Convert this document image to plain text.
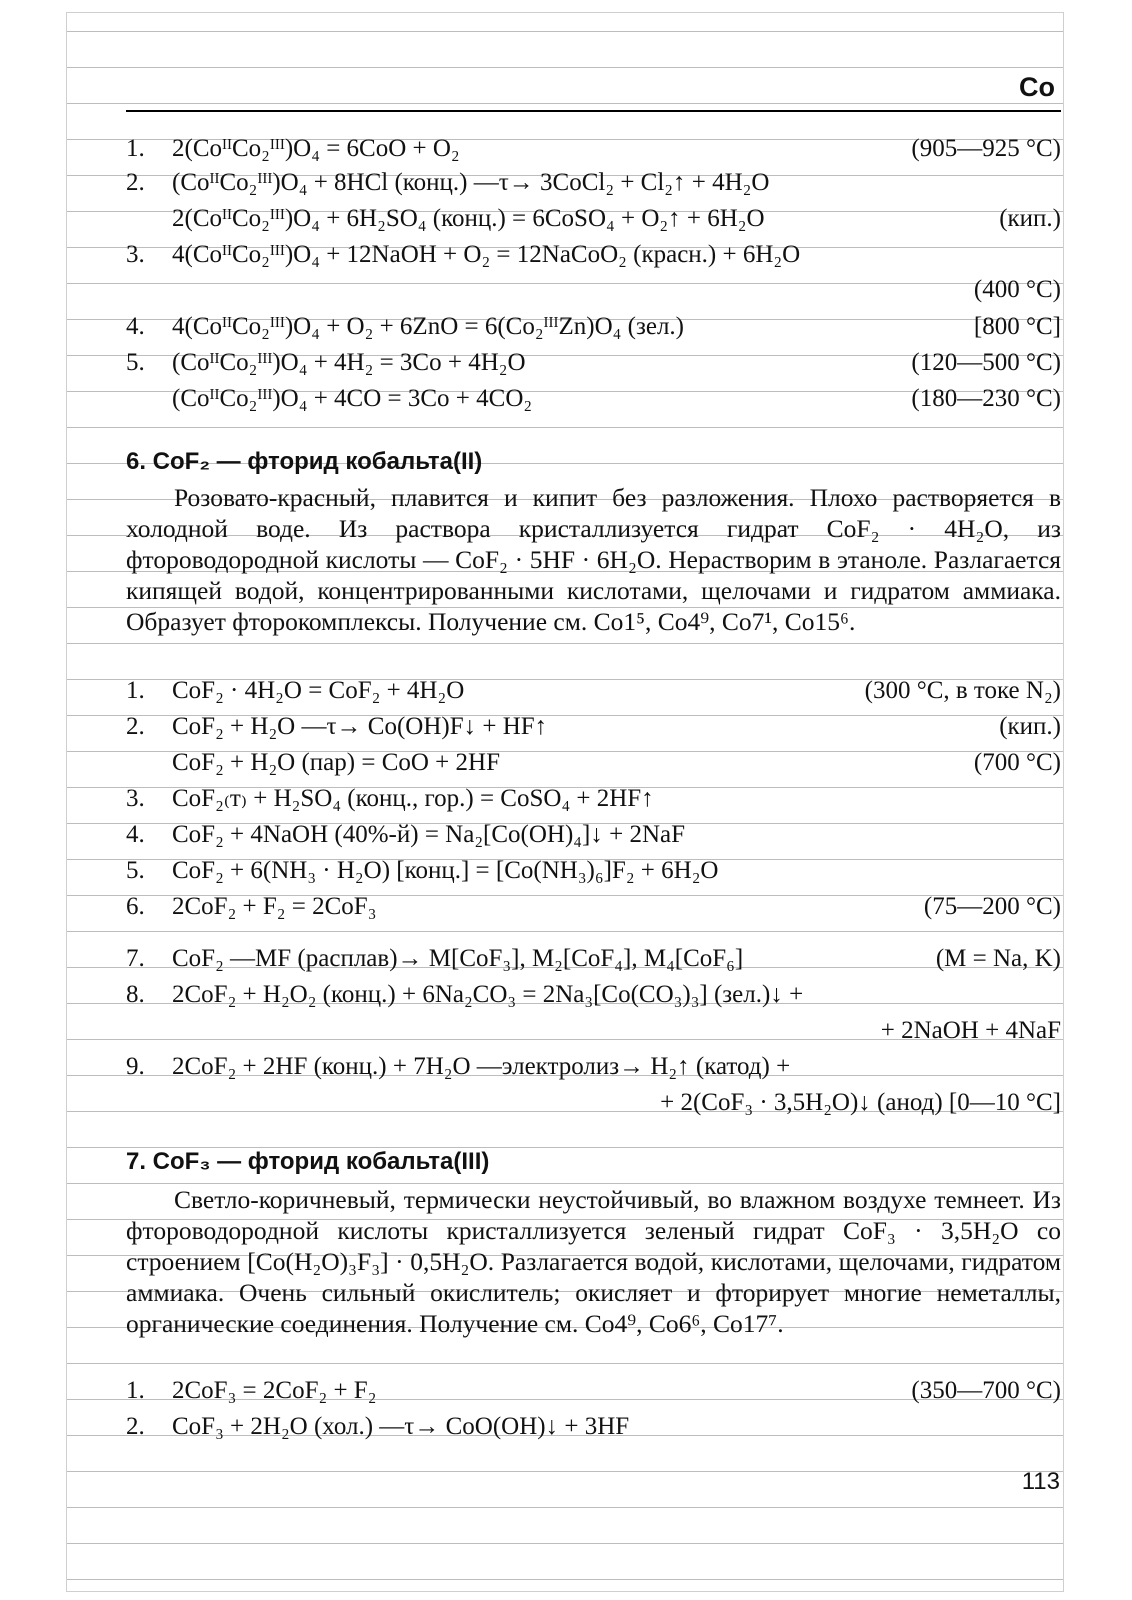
Co
1. 2(CoᴵᴵCo₂ᴵᴵᴵ)O₄ = 6CoO + O₂	(905—925 °C)
2. (CoᴵᴵCo₂ᴵᴵᴵ)O₄ + 8HCl (конц.) —τ→ 3CoCl₂ + Cl₂↑ + 4H₂O
2(CoᴵᴵCo₂ᴵᴵᴵ)O₄ + 6H₂SO₄ (конц.) = 6CoSO₄ + O₂↑ + 6H₂O	(кип.)
3. 4(CoᴵᴵCo₂ᴵᴵᴵ)O₄ + 12NaOH + O₂ = 12NaCoO₂ (красн.) + 6H₂O
(400 °C)
4. 4(CoᴵᴵCo₂ᴵᴵᴵ)O₄ + O₂ + 6ZnO = 6(Co₂ᴵᴵᴵZn)O₄ (зел.)	[800 °C]
5. (CoᴵᴵCo₂ᴵᴵᴵ)O₄ + 4H₂ = 3Co + 4H₂O	(120—500 °C)
(CoᴵᴵCo₂ᴵᴵᴵ)O₄ + 4CO = 3Co + 4CO₂	(180—230 °C)
6. CoF₂ — фторид кобальта(II)
Розовато-красный, плавится и кипит без разложения. Плохо растворяется в холодной воде. Из раствора кристаллизуется гидрат CoF₂ · 4H₂O, из фтороводородной кислоты — CoF₂ · 5HF · 6H₂O. Нерастворим в этаноле. Разлагается кипящей водой, концентрированными кислотами, щелочами и гидратом аммиака. Образует фторокомплексы. Получение см. Co1⁵, Co4⁹, Co7¹, Co15⁶.
1. CoF₂ · 4H₂O = CoF₂ + 4H₂O	(300 °C, в токе N₂)
2. CoF₂ + H₂O —τ→ Co(OH)F↓ + HF↑	(кип.)
CoF₂ + H₂O (пар) = CoO + 2HF	(700 °C)
3. CoF₂₍т₎ + H₂SO₄ (конц., гор.) = CoSO₄ + 2HF↑
4. CoF₂ + 4NaOH (40%-й) = Na₂[Co(OH)₄]↓ + 2NaF
5. CoF₂ + 6(NH₃ · H₂O) [конц.] = [Co(NH₃)₆]F₂ + 6H₂O
6. 2CoF₂ + F₂ = 2CoF₃	(75—200 °C)
7. CoF₂ —MF (расплав)→ M[CoF₃], M₂[CoF₄], M₄[CoF₆]	(M = Na, K)
8. 2CoF₂ + H₂O₂ (конц.) + 6Na₂CO₃ = 2Na₃[Co(CO₃)₃] (зел.)↓ +
+ 2NaOH + 4NaF
9. 2CoF₂ + 2HF (конц.) + 7H₂O —электролиз→ H₂↑ (катод) +
+ 2(CoF₃ · 3,5H₂O)↓ (анод) [0—10 °C]
7. CoF₃ — фторид кобальта(III)
Светло-коричневый, термически неустойчивый, во влажном воздухе темнеет. Из фтороводородной кислоты кристаллизуется зеленый гидрат CoF₃ · 3,5H₂O со строением [Co(H₂O)₃F₃] · 0,5H₂O. Разлагается водой, кислотами, щелочами, гидратом аммиака. Очень сильный окислитель; окисляет и фторирует многие неметаллы, органические соединения. Получение см. Co4⁹, Co6⁶, Co17⁷.
1. 2CoF₃ = 2CoF₂ + F₂	(350—700 °C)
2. CoF₃ + 2H₂O (хол.) —τ→ CoO(OH)↓ + 3HF
113
